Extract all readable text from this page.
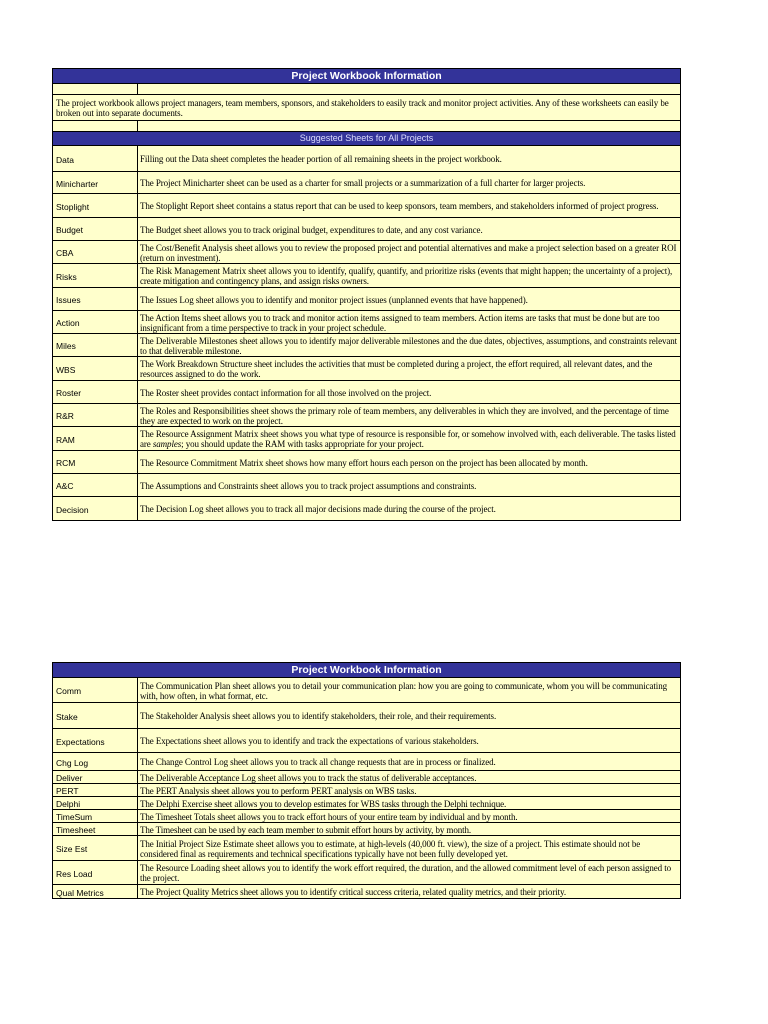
Project Workbook Information	

The project workbook allows project managers, team members, sponsors, and stakeholders to easily track and monitor project activities. Any of these worksheets can easily be broken out into separate documents.	

Suggested Sheets for All Projects	
Data	Filling out the Data sheet completes the header portion of all remaining sheets in the project workbook.
Minicharter	The Project Minicharter sheet can be used as a charter for small projects or a summarization of a full charter for larger projects.
Stoplight	The Stoplight Report sheet contains a status report that can be used to keep sponsors, team members, and stakeholders informed of project progress.
Budget	The Budget sheet allows you to track original budget, expenditures to date, and any cost variance.
CBA	The Cost/Benefit Analysis sheet allows you to review the proposed project and potential alternatives and make a project selection based on a greater ROI (return on investment).
Risks	The Risk Management Matrix sheet allows you to identify, qualify, quantify, and prioritize risks (events that might happen; the uncertainty of a project), create mitigation and contingency plans, and assign risks owners.
Issues	The Issues Log sheet allows you to identify and monitor project issues (unplanned events that have happened).
Action	The Action Items sheet allows you to track and monitor action items assigned to team members. Action items are tasks that must be done but are too insignificant from a time perspective to track in your project schedule.
Miles	The Deliverable Milestones sheet allows you to identify major deliverable milestones and the due dates, objectives, assumptions, and constraints relevant to that deliverable milestone.
WBS	The Work Breakdown Structure sheet includes the activities that must be completed during a project, the effort required, all relevant dates, and the resources assigned to do the work.
Roster	The Roster sheet provides contact information for all those involved on the project.
R&R	The Roles and Responsibilities sheet shows the primary role of team members, any deliverables in which they are involved, and the percentage of time they are expected to work on the project.
RAM	The Resource Assignment Matrix sheet shows you what type of resource is responsible for, or somehow involved with, each deliverable. The tasks listed are samples; you should update the RAM with tasks appropriate for your project.
RCM	The Resource Commitment Matrix sheet shows how many effort hours each person on the project has been allocated by month.
A&C	The Assumptions and Constraints sheet allows you to track project assumptions and constraints.
Decision	The Decision Log sheet allows you to track all major decisions made during the course of the project.
Project Workbook Information	
Comm	The Communication Plan sheet allows you to detail your communication plan: how you are going to communicate, whom you will be communicating with, how often, in what format, etc.
Stake	The Stakeholder Analysis sheet allows you to identify stakeholders, their role, and their requirements.
Expectations	The Expectations sheet allows you to identify and track the expectations of various stakeholders.
Chg Log	The Change Control Log sheet allows you to track all change requests that are in process or finalized.
Deliver	The Deliverable Acceptance Log sheet allows you to track the status of deliverable acceptances.
PERT	The PERT Analysis sheet allows you to perform PERT analysis on WBS tasks.
Delphi	The Delphi Exercise sheet allows you to develop estimates for WBS tasks through the Delphi technique.
TimeSum	The Timesheet Totals sheet allows you to track effort hours of your entire team by individual and by month.
Timesheet	The Timesheet can be used by each team member to submit effort hours by activity, by month.
Size Est	The Initial Project Size Estimate sheet allows you to estimate, at high-levels (40,000 ft. view), the size of a project. This estimate should not be considered final as requirements and technical specifications typically have not been fully developed yet.
Res Load	The Resource Loading sheet allows you to identify the work effort required, the duration, and the allowed commitment level of each person assigned to the project.
Qual Metrics	The Project Quality Metrics sheet allows you to identify critical success criteria, related quality metrics, and their priority.
